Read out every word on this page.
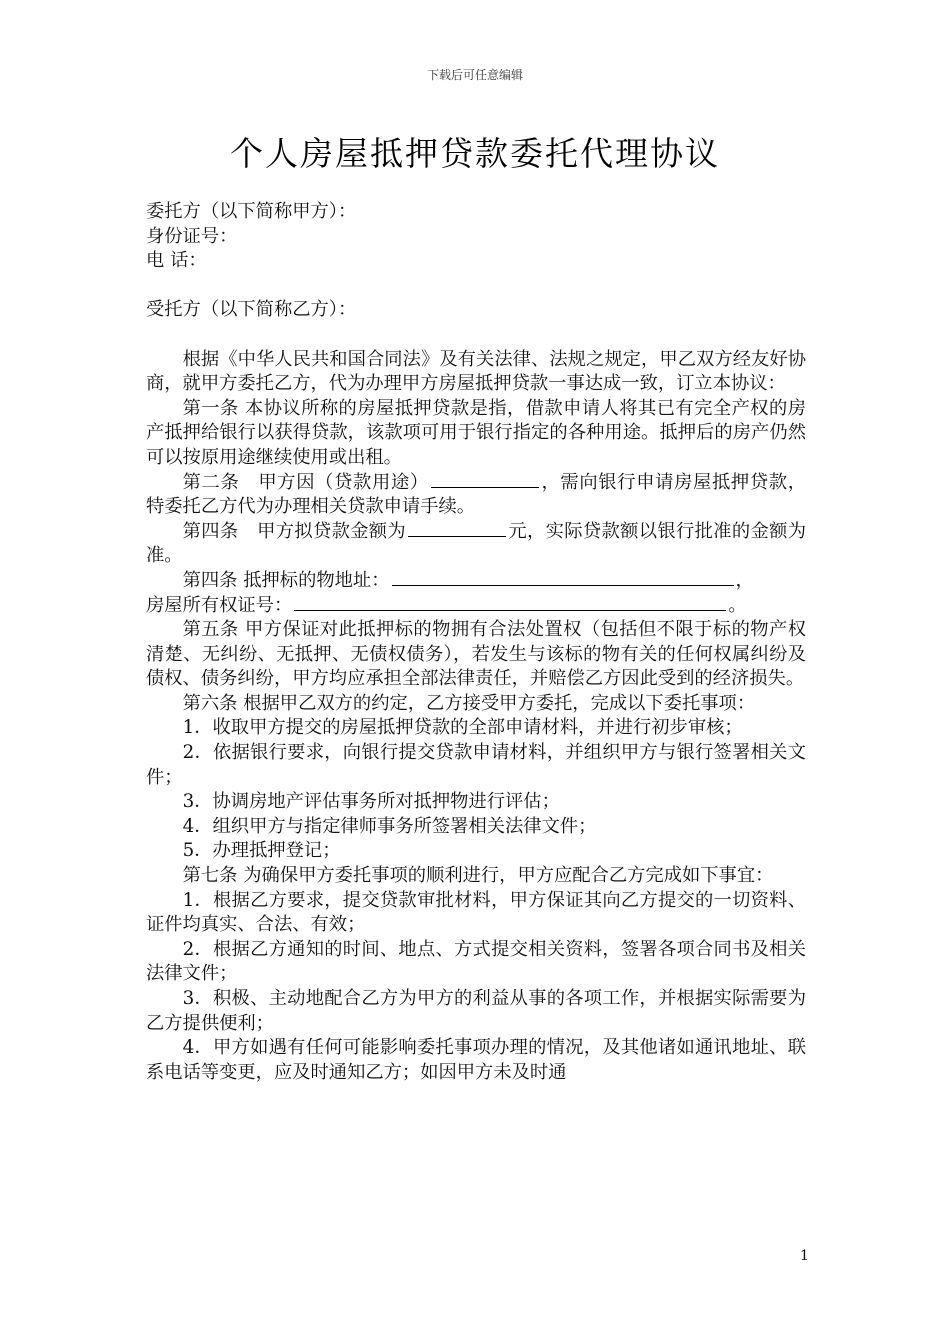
下载后可任意编辑
个人房屋抵押贷款委托代理协议

委托方（以下简称甲方）：

身份证号：

电 话：

受托方（以下简称乙方）：

根据《中华人民共和国合同法》及有关法律、法规之规定，甲乙双方经友好协商，就甲方委托乙方，代为办理甲方房屋抵押贷款一事达成一致，订立本协议：

第一条 本协议所称的房屋抵押贷款是指，借款申请人将其已有完全产权的房产抵押给银行以获得贷款，该款项可用于银行指定的各种用途。抵押后的房产仍然可以按原用途继续使用或出租。

第二条　甲方因（贷款用途）	，需向银行申请房屋抵押贷款，特委托乙方代为办理相关贷款申请手续。

第四条　甲方拟贷款金额为	元，实际贷款额以银行批准的金额为准。

第四条 抵押标的物地址：	，

房屋所有权证号：	。

第五条 甲方保证对此抵押标的物拥有合法处置权（包括但不限于标的物产权清楚、无纠纷、无抵押、无债权债务），若发生与该标的物有关的任何权属纠纷及债权、债务纠纷，甲方均应承担全部法律责任，并赔偿乙方因此受到的经济损失。

第六条 根据甲乙双方的约定，乙方接受甲方委托，完成以下委托事项：

1．收取甲方提交的房屋抵押贷款的全部申请材料，并进行初步审核；

2．依据银行要求，向银行提交贷款申请材料，并组织甲方与银行签署相关文件；

3．协调房地产评估事务所对抵押物进行评估；

4．组织甲方与指定律师事务所签署相关法律文件；

5．办理抵押登记；

第七条 为确保甲方委托事项的顺利进行，甲方应配合乙方完成如下事宜：

1．根据乙方要求，提交贷款审批材料，甲方保证其向乙方提交的一切资料、证件均真实、合法、有效；

2．根据乙方通知的时间、地点、方式提交相关资料，签署各项合同书及相关法律文件；

3．积极、主动地配合乙方为甲方的利益从事的各项工作，并根据实际需要为乙方提供便利；

4．甲方如遇有任何可能影响委托事项办理的情况，及其他诸如通讯地址、联系电话等变更，应及时通知乙方；如因甲方未及时通

1
